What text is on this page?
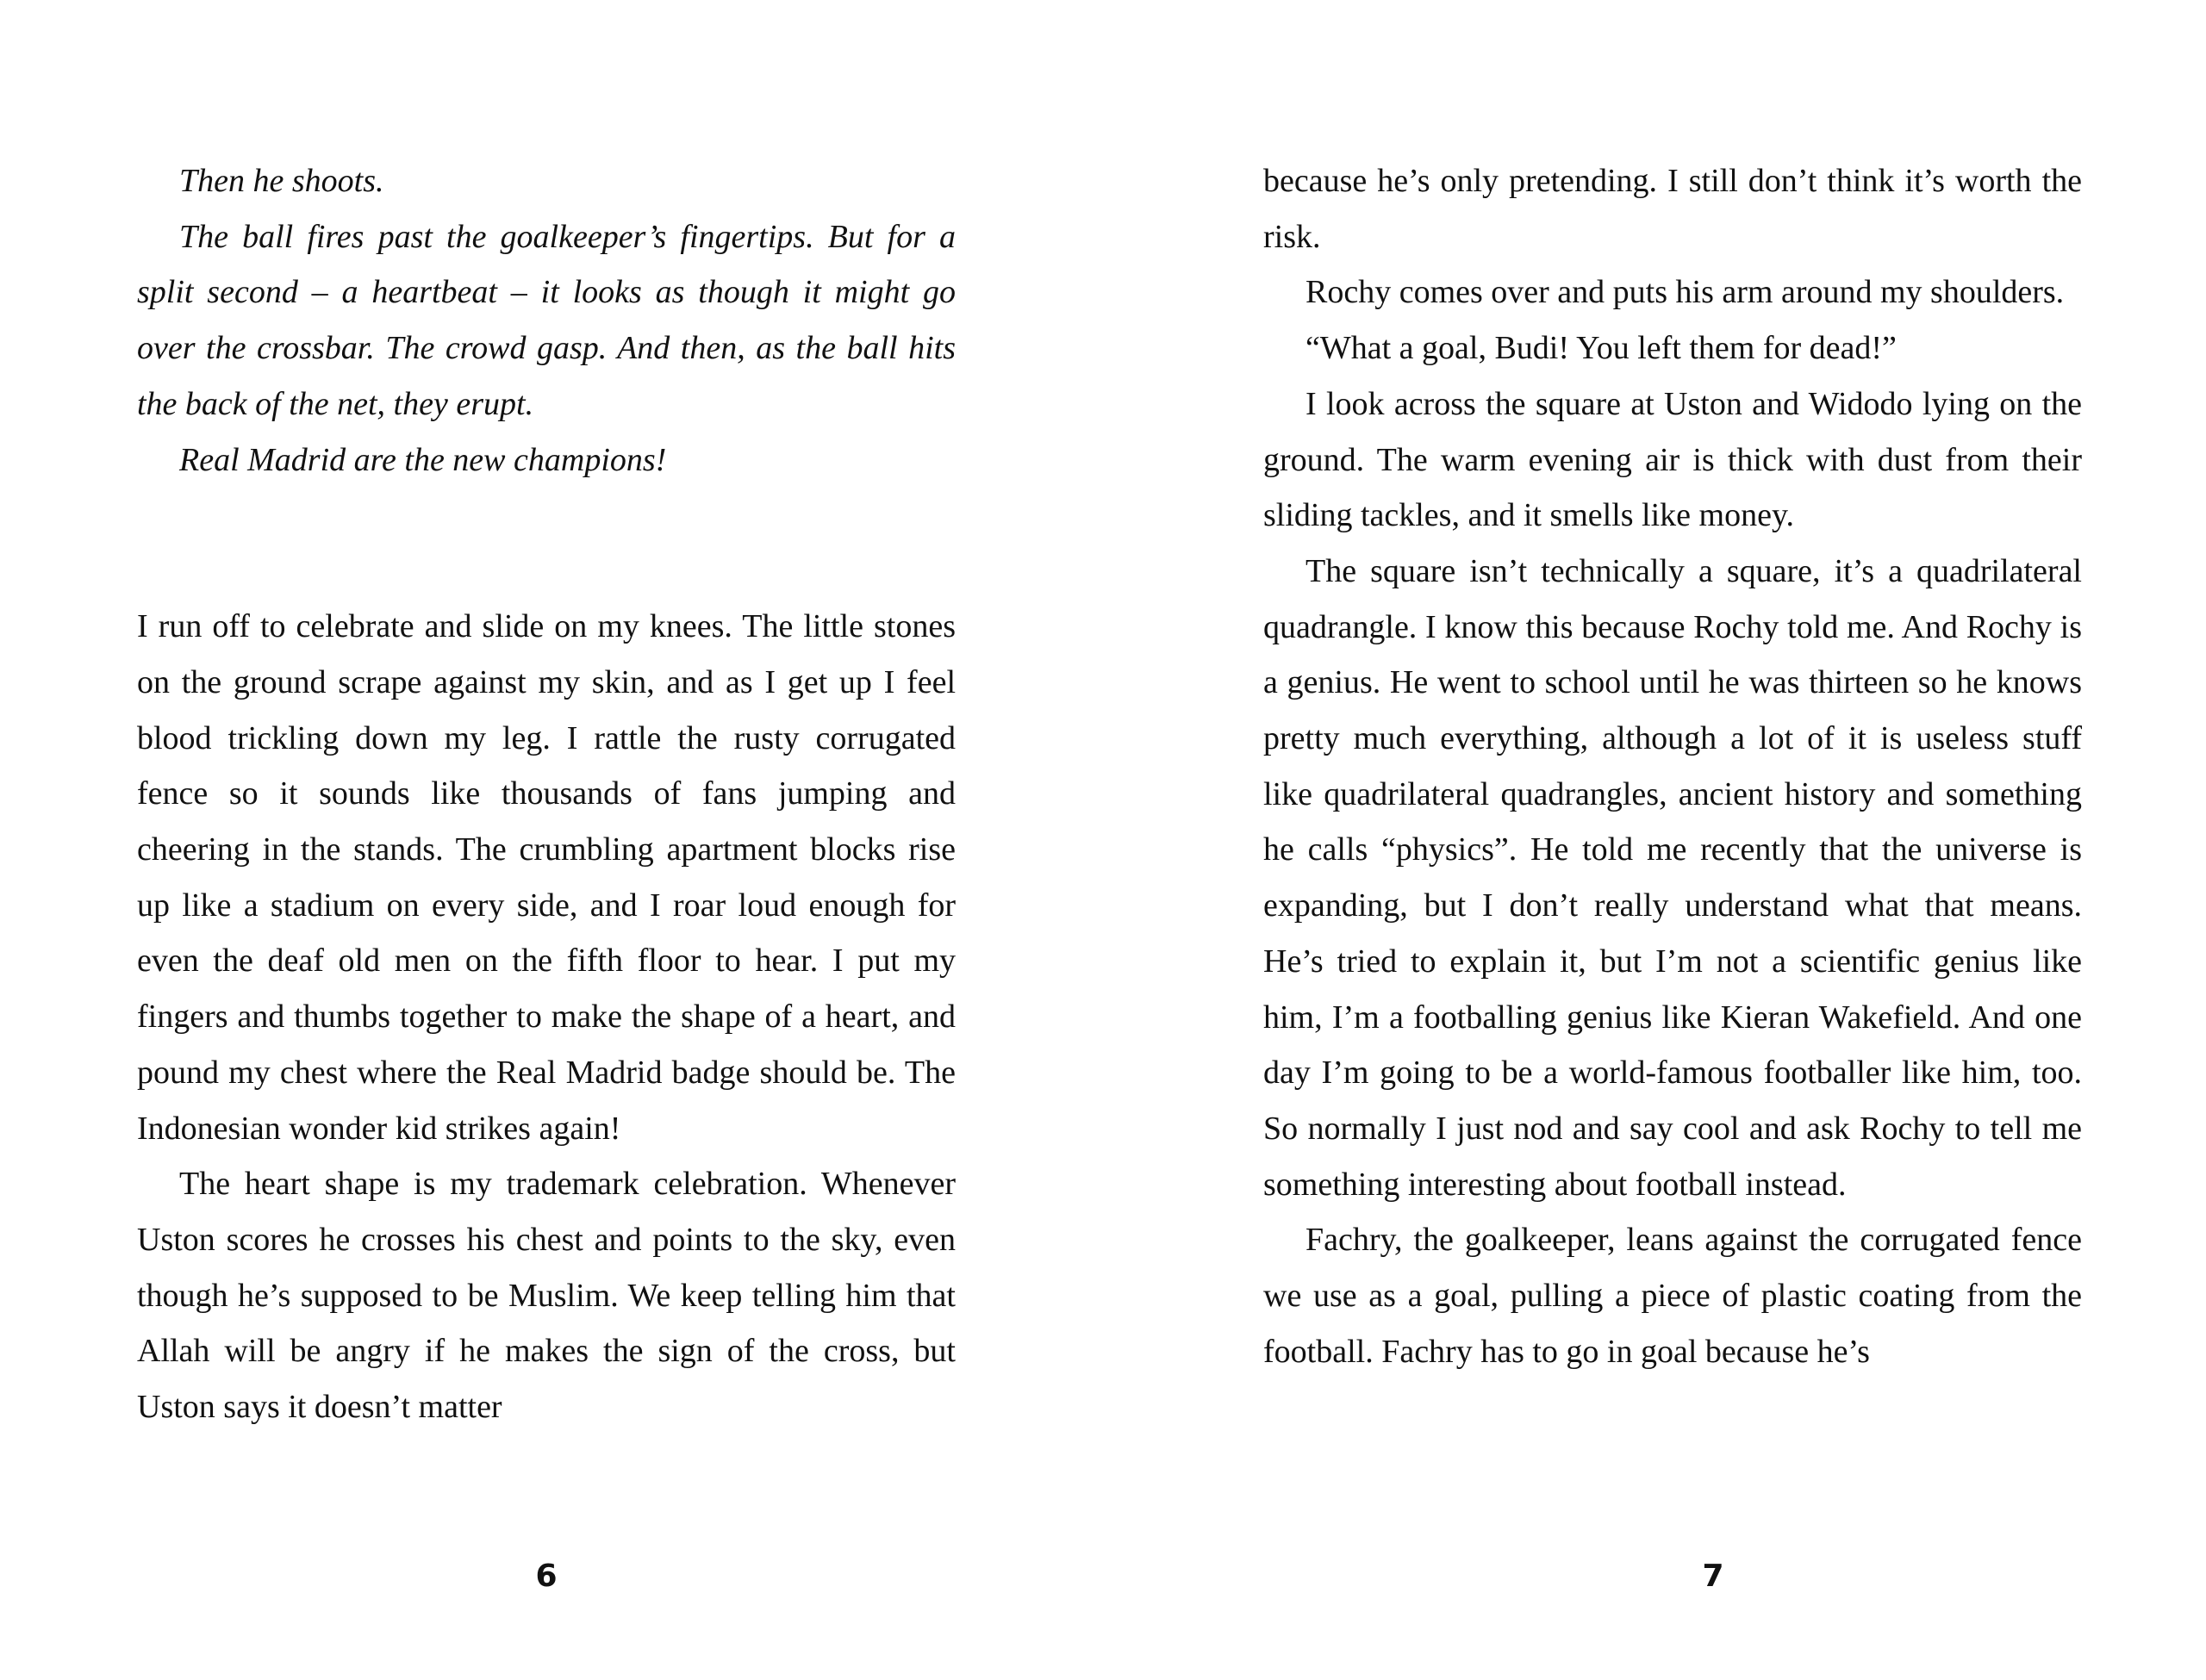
Then he shoots.

The ball fires past the goalkeeper’s fingertips. But for a split second – a heartbeat – it looks as though it might go over the crossbar. The crowd gasp. And then, as the ball hits the back of the net, they erupt.

Real Madrid are the new champions!

I run off to celebrate and slide on my knees. The little stones on the ground scrape against my skin, and as I get up I feel blood trickling down my leg. I rattle the rusty corrugated fence so it sounds like thousands of fans jumping and cheering in the stands. The crumbling apartment blocks rise up like a stadium on every side, and I roar loud enough for even the deaf old men on the fifth floor to hear. I put my fingers and thumbs together to make the shape of a heart, and pound my chest where the Real Madrid badge should be. The Indonesian wonder kid strikes again!

The heart shape is my trademark celebration. Whenever Uston scores he crosses his chest and points to the sky, even though he’s supposed to be Muslim. We keep telling him that Allah will be angry if he makes the sign of the cross, but Uston says it doesn’t matter

6

because he’s only pretending. I still don’t think it’s worth the risk.

Rochy comes over and puts his arm around my shoulders.

“What a goal, Budi! You left them for dead!”

I look across the square at Uston and Widodo lying on the ground. The warm evening air is thick with dust from their sliding tackles, and it smells like money.

The square isn’t technically a square, it’s a quadrilateral quadrangle. I know this because Rochy told me. And Rochy is a genius. He went to school until he was thirteen so he knows pretty much everything, although a lot of it is useless stuff like quadrilateral quadrangles, ancient history and something he calls “physics”. He told me recently that the universe is expanding, but I don’t really understand what that means. He’s tried to explain it, but I’m not a scientific genius like him, I’m a footballing genius like Kieran Wakefield. And one day I’m going to be a world-famous footballer like him, too. So normally I just nod and say cool and ask Rochy to tell me something interesting about football instead.

Fachry, the goalkeeper, leans against the corrugated fence we use as a goal, pulling a piece of plastic coating from the football. Fachry has to go in goal because he’s

7
